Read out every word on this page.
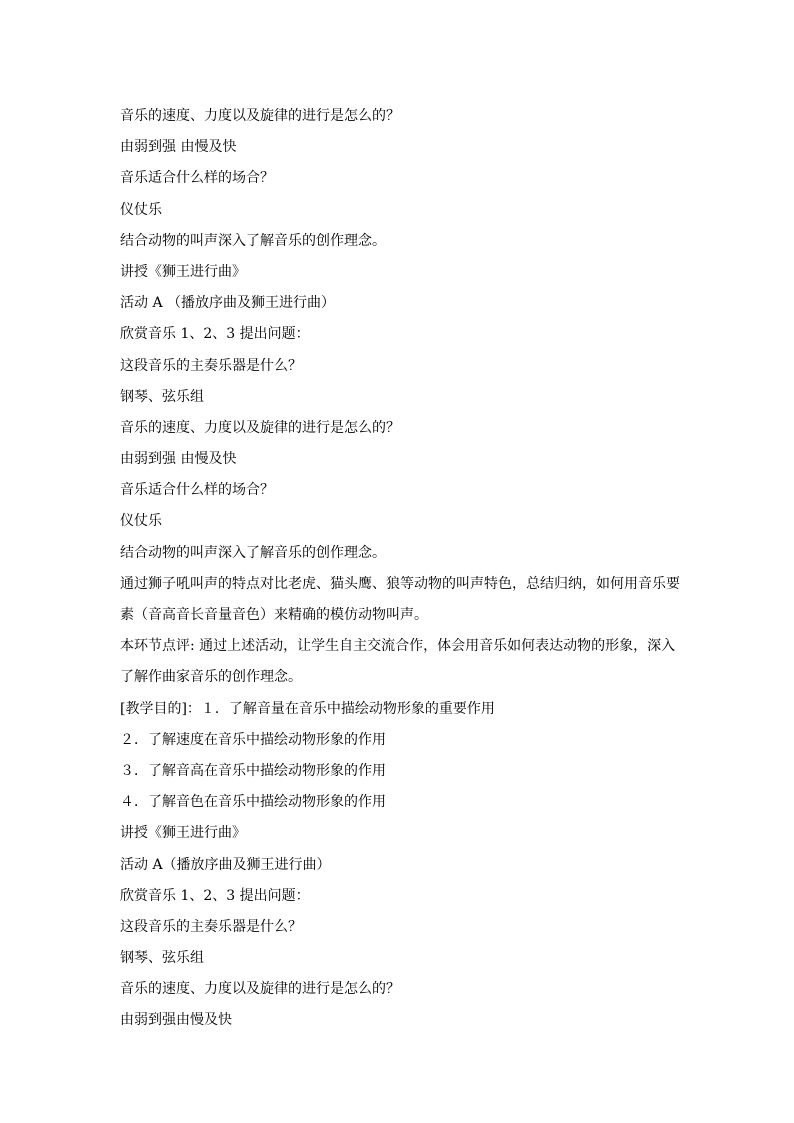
音乐的速度、力度以及旋律的进行是怎么的？
由弱到强 由慢及快
音乐适合什么样的场合？
仪仗乐
结合动物的叫声深入了解音乐的创作理念。
讲授《狮王进行曲》
活动 A （播放序曲及狮王进行曲）
欣赏音乐 1、2、3 提出问题：
这段音乐的主奏乐器是什么？
钢琴、弦乐组
音乐的速度、力度以及旋律的进行是怎么的？
由弱到强 由慢及快
音乐适合什么样的场合？
仪仗乐
结合动物的叫声深入了解音乐的创作理念。
通过狮子吼叫声的特点对比老虎、猫头鹰、狼等动物的叫声特色，总结归纳，如何用音乐要
素（音高音长音量音色）来精确的模仿动物叫声。
本环节点评: 通过上述活动，让学生自主交流合作，体会用音乐如何表达动物的形象，深入
了解作曲家音乐的创作理念。
[教学目的]：１．了解音量在音乐中描绘动物形象的重要作用
２．了解速度在音乐中描绘动物形象的作用
３．了解音高在音乐中描绘动物形象的作用
４．了解音色在音乐中描绘动物形象的作用
讲授《狮王进行曲》
活动 A（播放序曲及狮王进行曲）
欣赏音乐 1、2、3 提出问题：
这段音乐的主奏乐器是什么？
钢琴、弦乐组
音乐的速度、力度以及旋律的进行是怎么的？
由弱到强由慢及快
